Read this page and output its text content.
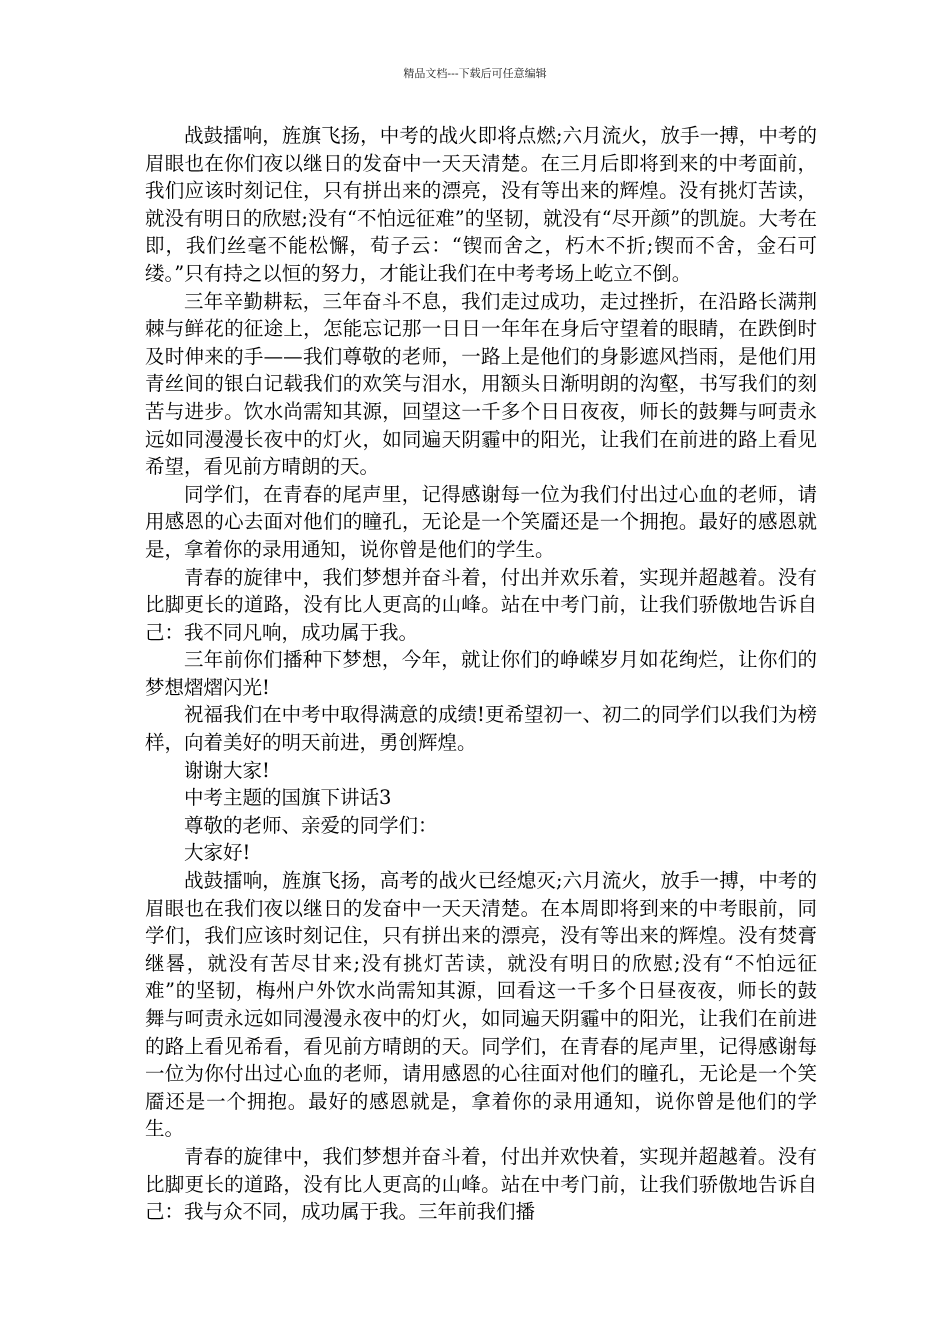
精品文档---下载后可任意编辑

战鼓擂响，旌旗飞扬，中考的战火即将点燃;六月流火，放手一搏，中考的眉眼也在你们夜以继日的发奋中一天天清楚。在三月后即将到来的中考面前，我们应该时刻记住，只有拼出来的漂亮，没有等出来的辉煌。没有挑灯苦读，就没有明日的欣慰;没有“不怕远征难”的坚韧，就没有“尽开颜”的凯旋。大考在即，我们丝毫不能松懈，荀子云：“锲而舍之，朽木不折;锲而不舍，金石可缕。”只有持之以恒的努力，才能让我们在中考考场上屹立不倒。

三年辛勤耕耘，三年奋斗不息，我们走过成功，走过挫折，在沿路长满荆棘与鲜花的征途上，怎能忘记那一日日一年年在身后守望着的眼睛，在跌倒时及时伸来的手——我们尊敬的老师，一路上是他们的身影遮风挡雨，是他们用青丝间的银白记载我们的欢笑与泪水，用额头日渐明朗的沟壑，书写我们的刻苦与进步。饮水尚需知其源，回望这一千多个日日夜夜，师长的鼓舞与呵责永远如同漫漫长夜中的灯火，如同遍天阴霾中的阳光，让我们在前进的路上看见希望，看见前方晴朗的天。

同学们，在青春的尾声里，记得感谢每一位为我们付出过心血的老师，请用感恩的心去面对他们的瞳孔，无论是一个笑靥还是一个拥抱。最好的感恩就是，拿着你的录用通知，说你曾是他们的学生。

青春的旋律中，我们梦想并奋斗着，付出并欢乐着，实现并超越着。没有比脚更长的道路，没有比人更高的山峰。站在中考门前，让我们骄傲地告诉自己：我不同凡响，成功属于我。

三年前你们播种下梦想，今年，就让你们的峥嵘岁月如花绚烂，让你们的梦想熠熠闪光!

祝福我们在中考中取得满意的成绩!更希望初一、初二的同学们以我们为榜样，向着美好的明天前进，勇创辉煌。

谢谢大家!

中考主题的国旗下讲话3

尊敬的老师、亲爱的同学们：

大家好!

战鼓擂响，旌旗飞扬，高考的战火已经熄灭;六月流火，放手一搏，中考的眉眼也在我们夜以继日的发奋中一天天清楚。在本周即将到来的中考眼前，同学们，我们应该时刻记住，只有拼出来的漂亮，没有等出来的辉煌。没有焚膏继晷，就没有苦尽甘来;没有挑灯苦读，就没有明日的欣慰;没有“不怕远征难”的坚韧，梅州户外饮水尚需知其源，回看这一千多个日昼夜夜，师长的鼓舞与呵责永远如同漫漫永夜中的灯火，如同遍天阴霾中的阳光，让我们在前进的路上看见希看，看见前方晴朗的天。同学们，在青春的尾声里，记得感谢每一位为你付出过心血的老师，请用感恩的心往面对他们的瞳孔，无论是一个笑靥还是一个拥抱。最好的感恩就是，拿着你的录用通知，说你曾是他们的学生。

青春的旋律中，我们梦想并奋斗着，付出并欢快着，实现并超越着。没有比脚更长的道路，没有比人更高的山峰。站在中考门前，让我们骄傲地告诉自己：我与众不同，成功属于我。三年前我们播
